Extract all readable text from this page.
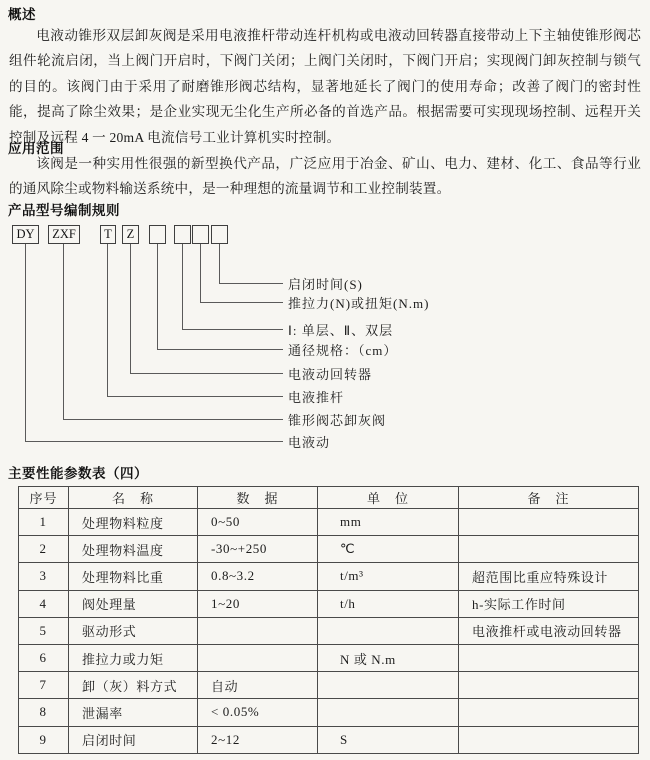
概述

电液动锥形双层卸灰阀是采用电液推杆带动连杆机构或电液动回转器直接带动上下主轴使锥形阀芯组件轮流启闭，当上阀门开启时，下阀门关闭；上阀门关闭时，下阀门开启；实现阀门卸灰控制与锁气的目的。该阀门由于采用了耐磨锥形阀芯结构，显著地延长了阀门的使用寿命；改善了阀门的密封性能，提高了除尘效果；是企业实现无尘化生产所必备的首选产品。根据需要可实现现场控制、远程开关控制及远程 4 一 20mA 电流信号工业计算机实时控制。

应用范围

该阀是一种实用性很强的新型换代产品，广泛应用于冶金、矿山、电力、建材、化工、食品等行业的通风除尘或物料输送系统中，是一种理想的流量调节和工业控制装置。

产品型号编制规则
DY	ZXF	T	Z
启闭时间(S)
推拉力(N)或扭矩(N.m)
Ⅰ: 单层、Ⅱ、双层
通径规格：（cm）
电液动回转器
电液推杆
锥形阀芯卸灰阀
电液动
主要性能参数表（四）
序号	名　称	数　据	单　位	备　注
1	处理物料粒度	0~50	mm	
2	处理物料温度	-30~+250	℃	
3	处理物料比重	0.8~3.2	t/m³	超范围比重应特殊设计
4	阀处理量	1~20	t/h	h-实际工作时间
5	驱动形式			电液推杆或电液动回转器
6	推拉力或力矩		N 或 N.m	
7	卸（灰）料方式	自动		
8	泄漏率	< 0.05%		
9	启闭时间	2~12	S	
